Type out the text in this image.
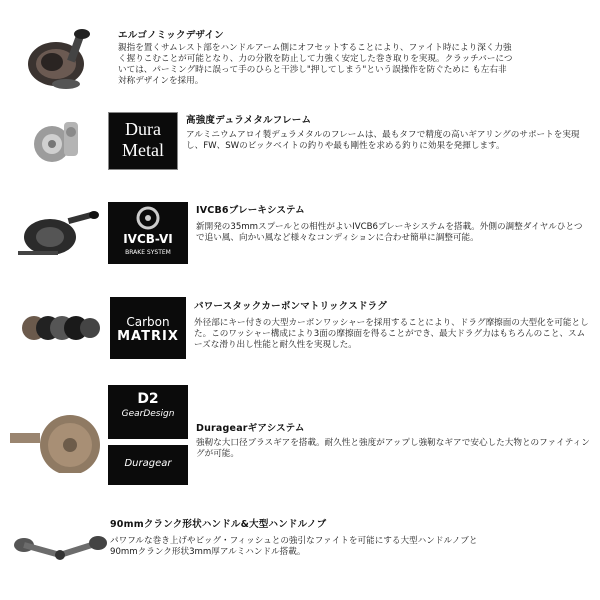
エルゴノミックデザイン
親指を置くサムレスト部をハンドルアーム側にオフセットすることにより、ファイト時により深く力強く握りこむことが可能となり、力の分散を防止して力強く安定した巻き取りを実現。クラッチバーについては、パーミング時に誤って手のひらと干渉し"押してしまう"という誤操作を防ぐために も左右非対称デザインを採用。
Dura
Metal
高強度デュラメタルフレーム
アルミニウムアロイ製デュラメタルのフレームは、最もタフで精度の高いギアリングのサポートを実現し、FW、SWのビックベイトの釣りや最も剛性を求める釣りに効果を発揮します。
IVCB-VI
BRAKE SYSTEM
IVCB6ブレーキシステム
新開発の35mmスプールとの相性がよいIVCB6ブレーキシステムを搭載。外側の調整ダイヤルひとつで追い風、向かい風など様々なコンディションに合わせ簡単に調整可能。
Carbon
MATRIX
パワースタックカーボンマトリックスドラグ
外径部にキー付きの大型カーボンワッシャーを採用することにより、ドラグ摩擦面の大型化を可能とした。このワッシャー構成により3面の摩擦面を得ることができ、最大ドラグ力はもちろんのこと、スムーズな滑り出し性能と耐久性を実現した。
D2
GearDesign
Duragear
Duragearギアシステム
強靭な大口径ブラスギアを搭載。耐久性と強度がアップし強靭なギアで安心した大物とのファイティングが可能。
90mmクランク形状ハンドル&大型ハンドルノブ
パワフルな巻き上げやビッグ・フィッシュとの強引なファイトを可能にする大型ハンドルノブと90mmクランク形状3mm厚アルミハンドル搭載。
